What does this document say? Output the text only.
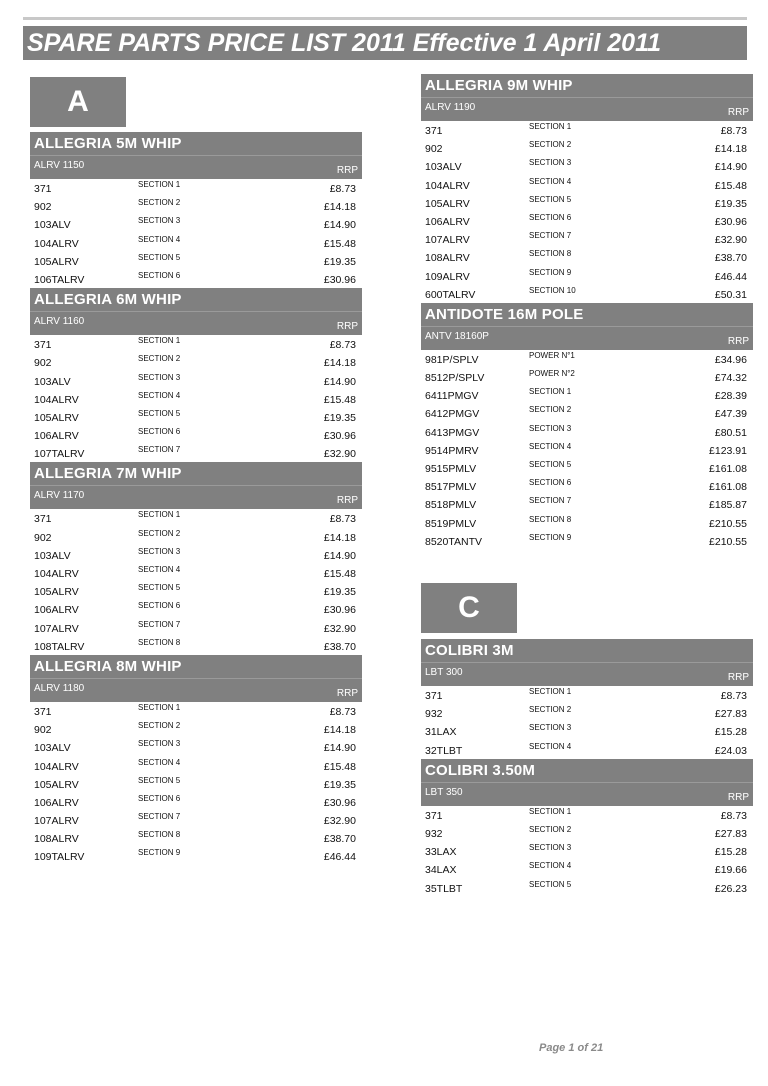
SPARE PARTS PRICE LIST 2011 Effective 1 April 2011
A
ALLEGRIA 5M WHIP
ALRV 1150	RRP
371	SECTION 1	£8.73
902	SECTION 2	£14.18
103ALV	SECTION 3	£14.90
104ALRV	SECTION 4	£15.48
105ALRV	SECTION 5	£19.35
106TALRV	SECTION 6	£30.96
ALLEGRIA 6M WHIP
ALRV 1160	RRP
371	SECTION 1	£8.73
902	SECTION 2	£14.18
103ALV	SECTION 3	£14.90
104ALRV	SECTION 4	£15.48
105ALRV	SECTION 5	£19.35
106ALRV	SECTION 6	£30.96
107TALRV	SECTION 7	£32.90
ALLEGRIA 7M WHIP
ALRV 1170	RRP
371	SECTION 1	£8.73
902	SECTION 2	£14.18
103ALV	SECTION 3	£14.90
104ALRV	SECTION 4	£15.48
105ALRV	SECTION 5	£19.35
106ALRV	SECTION 6	£30.96
107ALRV	SECTION 7	£32.90
108TALRV	SECTION 8	£38.70
ALLEGRIA 8M WHIP
ALRV 1180	RRP
371	SECTION 1	£8.73
902	SECTION 2	£14.18
103ALV	SECTION 3	£14.90
104ALRV	SECTION 4	£15.48
105ALRV	SECTION 5	£19.35
106ALRV	SECTION 6	£30.96
107ALRV	SECTION 7	£32.90
108ALRV	SECTION 8	£38.70
109TALRV	SECTION 9	£46.44
ALLEGRIA 9M WHIP
ALRV 1190	RRP
371	SECTION 1	£8.73
902	SECTION 2	£14.18
103ALV	SECTION 3	£14.90
104ALRV	SECTION 4	£15.48
105ALRV	SECTION 5	£19.35
106ALRV	SECTION 6	£30.96
107ALRV	SECTION 7	£32.90
108ALRV	SECTION 8	£38.70
109ALRV	SECTION 9	£46.44
600TALRV	SECTION 10	£50.31
ANTIDOTE 16M POLE
ANTV 18160P	RRP
981P/SPLV	POWER N°1	£34.96
8512P/SPLV	POWER N°2	£74.32
6411PMGV	SECTION 1	£28.39
6412PMGV	SECTION 2	£47.39
6413PMGV	SECTION 3	£80.51
9514PMRV	SECTION 4	£123.91
9515PMLV	SECTION 5	£161.08
8517PMLV	SECTION 6	£161.08
8518PMLV	SECTION 7	£185.87
8519PMLV	SECTION 8	£210.55
8520TANTV	SECTION 9	£210.55
C
COLIBRI 3M
LBT 300	RRP
371	SECTION 1	£8.73
932	SECTION 2	£27.83
31LAX	SECTION 3	£15.28
32TLBT	SECTION 4	£24.03
COLIBRI 3.50M
LBT 350	RRP
371	SECTION 1	£8.73
932	SECTION 2	£27.83
33LAX	SECTION 3	£15.28
34LAX	SECTION 4	£19.66
35TLBT	SECTION 5	£26.23
Page 1 of 21
